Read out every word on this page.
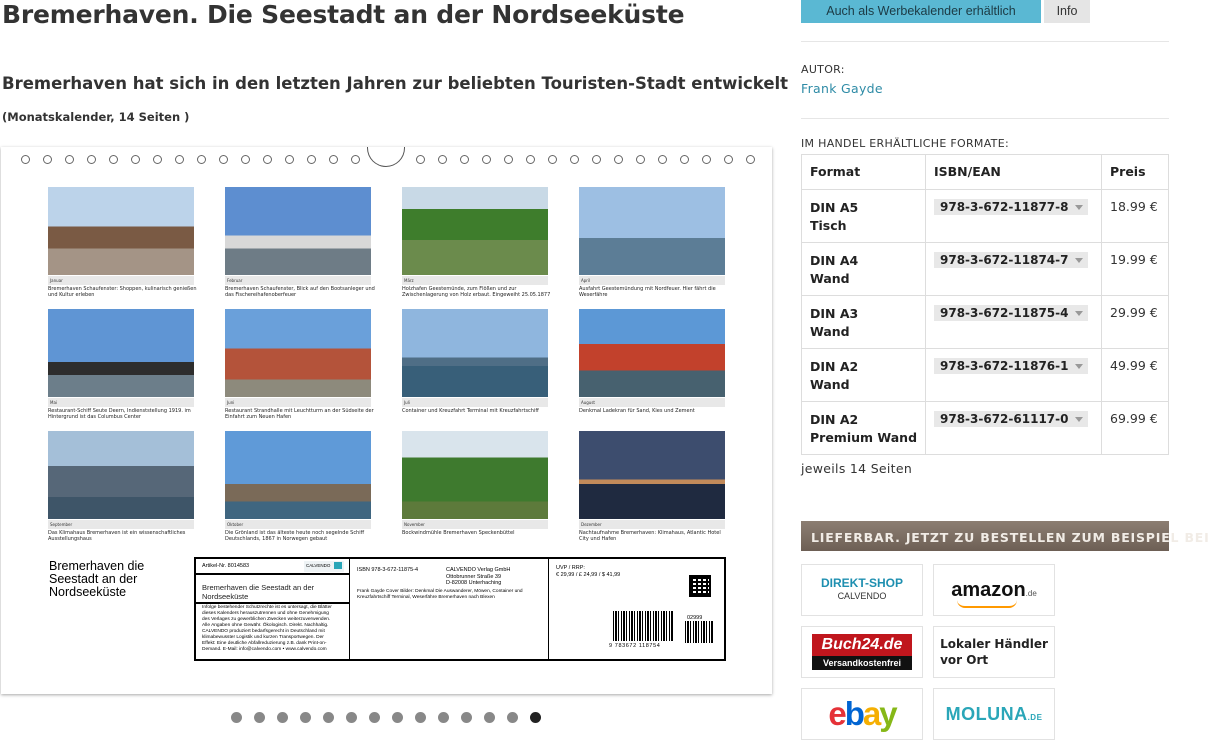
Bremerhaven. Die Seestadt an der Nordseeküste
Bremerhaven hat sich in den letzten Jahren zur beliebten Touristen-Stadt entwickelt
(Monatskalender, 14 Seiten )
Januar
Bremerhaven Schaufenster: Shoppen, kulinarisch genießen und Kultur erleben
Februar
Bremerhaven Schaufenster, Blick auf den Bootsanleger und das Fischereihafenoberfeuer
März
Holzhafen Geestemünde, zum Flößen und zur Zwischenlagerung von Holz erbaut. Eingeweiht 25.05.1877
April
Ausfahrt Geestemündung mit Nordfeuer. Hier fährt die Weserfähre
Mai
Restaurant-Schiff Seute Deern, Indienststellung 1919. im Hintergrund ist das Columbus Center
Juni
Restaurant Strandhalle mit Leuchtturm an der Südseite der Einfahrt zum Neuen Hafen
Juli
Container und Kreuzfahrt Terminal mit Kreuzfahrtschiff
August
Denkmal Ladekran für Sand, Kies und Zement
September
Das Klimahaus Bremerhaven ist ein wissenschaftliches Ausstellungshaus
Oktober
Die Grönland ist das älteste heute noch segelnde Schiff Deutschlands, 1867 in Norwegen gebaut
November
Bockwindmühle Bremerhaven Speckenbüttel
Dezember
Nachtaufnahme Bremerhaven: Klimahaus, Atlantic Hotel City und Hafen
Bremerhaven die Seestadt an der Nordseeküste
Artikel-Nr. 8014583	CALVENDO
Bremerhaven die Seestadt an der Nordseeküste
Infolge bestehender Schutzrechte ist es untersagt, die Blätter dieses Kalenders herauszutrennen und ohne Genehmigung des Verlages zu gewerblichen Zwecken weiterzuverwenden. Alle Angaben ohne Gewähr. Ökologisch. Direkt. Nachhaltig. CALVENDO produziert bedarfsgerecht in Deutschland mit klimabewusster Logistik und kurzen Transportwegen. Der Effekt: Eine deutliche Abfallreduzierung z.B. dank Print-on-Demand. E-Mail: info@calvendo.com • www.calvendo.com
ISBN 978-3-672-11875-4	CALVENDO Verlag GmbH
Ottobrunner Straße 39
D-82008 Unterhaching
Frank Gayde Cover Bilder: Denkmal Die Auswanderer, Möwen, Container und Kreuzfahrtschiff Terminal, Weserfähre Bremerhaven nach Blexen
UVP / RRP:
€ 29,99 / £ 24,99 / $ 41,99
02999
9 783672 118754
Auch als Werbekalender erhältlich	Info
AUTOR:
Frank Gayde
IM HANDEL ERHÄLTLICHE FORMATE:
Format	ISBN/EAN	Preis

DIN A5
Tisch	978-3-672-11877-8	18.99 €

DIN A4
Wand	978-3-672-11874-7	19.99 €

DIN A3
Wand	978-3-672-11875-4	29.99 €

DIN A2
Wand	978-3-672-11876-1	49.99 €

DIN A2
Premium Wand	978-3-672-61117-0	69.99 €
jeweils 14 Seiten
LIEFERBAR. JETZT ZU BESTELLEN ZUM BEISPIEL BEI
DIREKT-SHOP
CALVENDO	amazon.de
Buch24.de
Versandkostenfrei
Lokaler Händler
vor Ort
ebay	MOLUNA.DE
